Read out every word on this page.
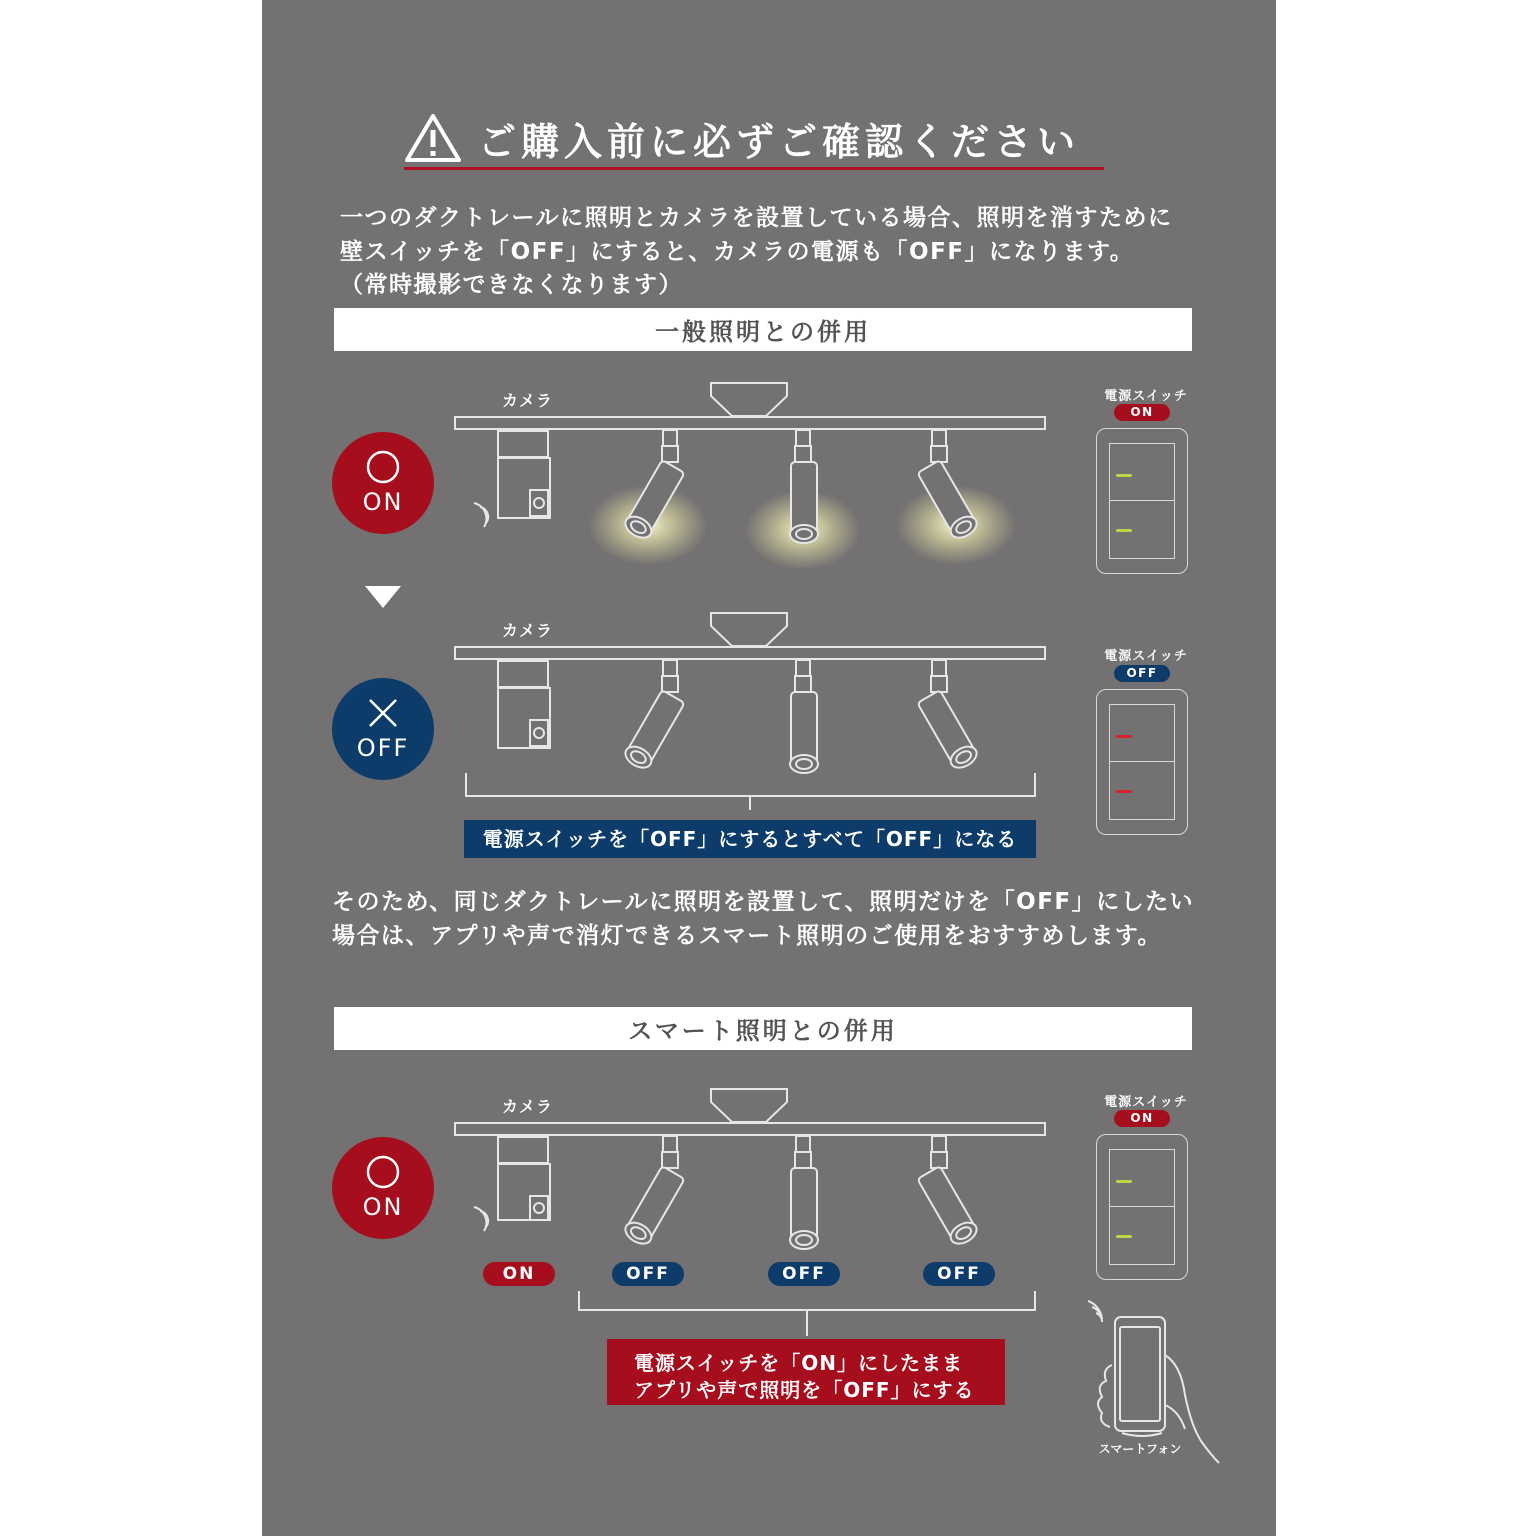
ご購入前に必ずご確認ください
一つのダクトレールに照明とカメラを設置している場合、照明を消すために
壁スイッチを「OFF」にすると、カメラの電源も「OFF」になります。
（常時撮影できなくなります）
一般照明との併用
ON
カメラ	電源スイッチ
ON
OFF
カメラ
電源スイッチ
OFF
電源スイッチを「OFF」にするとすべて「OFF」になる
そのため、同じダクトレールに照明を設置して、照明だけを「OFF」にしたい
場合は、アプリや声で消灯できるスマート照明のご使用をおすすめします。
スマート照明との併用
ON
カメラ
ON	OFF	OFF	OFF
電源スイッチを「ON」にしたまま
アプリや声で照明を「OFF」にする
電源スイッチ
ON
スマートフォン
